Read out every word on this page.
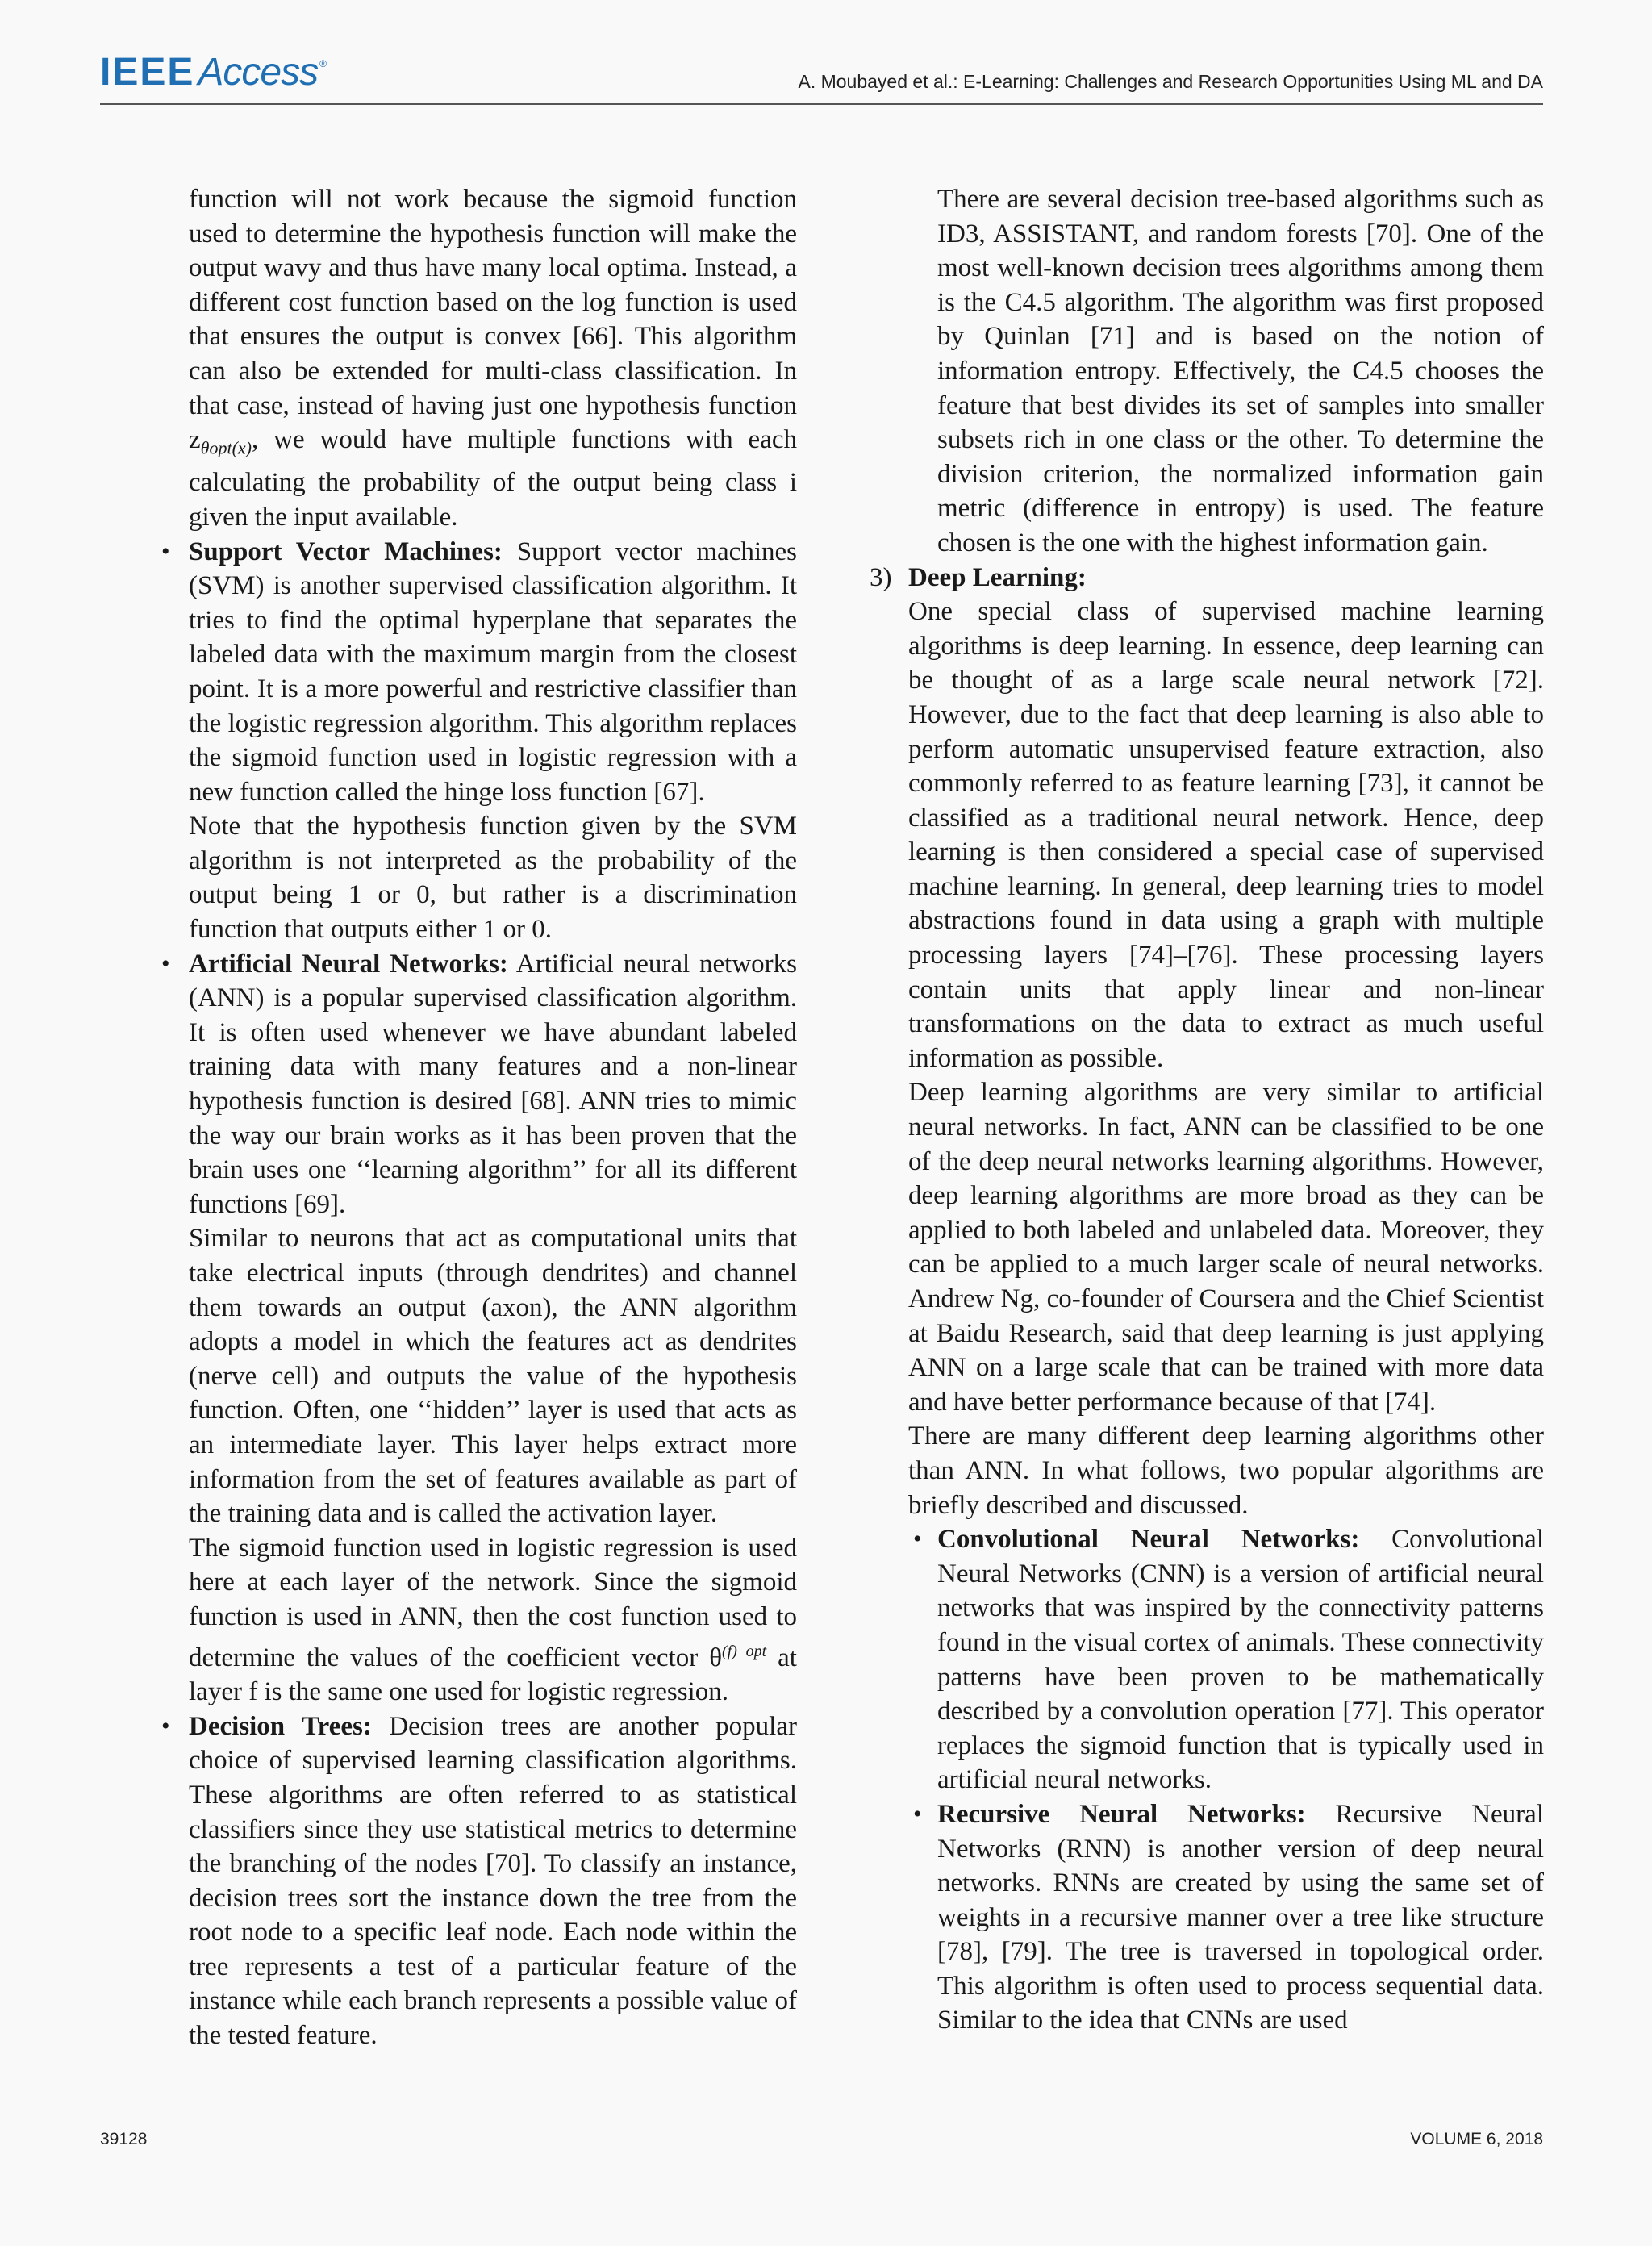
IEEE Access ®
A. Moubayed et al.: E-Learning: Challenges and Research Opportunities Using ML and DA

function will not work because the sigmoid function used to determine the hypothesis function will make the output wavy and thus have many local optima. Instead, a different cost function based on the log function is used that ensures the output is convex [66]. This algorithm can also be extended for multi-class classification. In that case, instead of having just one hypothesis function $z_{\theta opt(x)}$, we would have multiple functions with each calculating the probability of the output being class i given the input available.

• Support Vector Machines: Support vector machines (SVM) is another supervised classification algorithm. It tries to find the optimal hyperplane that separates the labeled data with the maximum margin from the closest point. It is a more powerful and restrictive classifier than the logistic regression algorithm. This algorithm replaces the sigmoid function used in logistic regression with a new function called the hinge loss function [67].

Note that the hypothesis function given by the SVM algorithm is not interpreted as the probability of the output being 1 or 0, but rather is a discrimination function that outputs either 1 or 0.

• Artificial Neural Networks: Artificial neural networks (ANN) is a popular supervised classification algorithm. It is often used whenever we have abundant labeled training data with many features and a non-linear hypothesis function is desired [68]. ANN tries to mimic the way our brain works as it has been proven that the brain uses one ‘‘learning algorithm’’ for all its different functions [69].

Similar to neurons that act as computational units that take electrical inputs (through dendrites) and channel them towards an output (axon), the ANN algorithm adopts a model in which the features act as dendrites (nerve cell) and outputs the value of the hypothesis function. Often, one ‘‘hidden’’ layer is used that acts as an intermediate layer. This layer helps extract more information from the set of features available as part of the training data and is called the activation layer.

The sigmoid function used in logistic regression is used here at each layer of the network. Since the sigmoid function is used in ANN, then the cost function used to determine the values of the coefficient vector $\theta^{(f) opt}$ at layer f is the same one used for logistic regression.

• Decision Trees: Decision trees are another popular choice of supervised learning classification algorithms. These algorithms are often referred to as statistical classifiers since they use statistical metrics to determine the branching of the nodes [70]. To classify an instance, decision trees sort the instance down the tree from the root node to a specific leaf node. Each node within the tree represents a test of a particular feature of the instance while each branch represents a possible value of the tested feature.

There are several decision tree-based algorithms such as ID3, ASSISTANT, and random forests [70]. One of the most well-known decision trees algorithms among them is the C4.5 algorithm. The algorithm was first proposed by Quinlan [71] and is based on the notion of information entropy. Effectively, the C4.5 chooses the feature that best divides its set of samples into smaller subsets rich in one class or the other. To determine the division criterion, the normalized information gain metric (difference in entropy) is used. The feature chosen is the one with the highest information gain.

3) Deep Learning:

One special class of supervised machine learning algorithms is deep learning. In essence, deep learning can be thought of as a large scale neural network [72]. However, due to the fact that deep learning is also able to perform automatic unsupervised feature extraction, also commonly referred to as feature learning [73], it cannot be classified as a traditional neural network. Hence, deep learning is then considered a special case of supervised machine learning. In general, deep learning tries to model abstractions found in data using a graph with multiple processing layers [74]–[76]. These processing layers contain units that apply linear and non-linear transformations on the data to extract as much useful information as possible.

Deep learning algorithms are very similar to artificial neural networks. In fact, ANN can be classified to be one of the deep neural networks learning algorithms. However, deep learning algorithms are more broad as they can be applied to both labeled and unlabeled data. Moreover, they can be applied to a much larger scale of neural networks. Andrew Ng, co-founder of Coursera and the Chief Scientist at Baidu Research, said that deep learning is just applying ANN on a large scale that can be trained with more data and have better performance because of that [74].

There are many different deep learning algorithms other than ANN. In what follows, two popular algorithms are briefly described and discussed.

• Convolutional Neural Networks: Convolutional Neural Networks (CNN) is a version of artificial neural networks that was inspired by the connectivity patterns found in the visual cortex of animals. These connectivity patterns have been proven to be mathematically described by a convolution operation [77]. This operator replaces the sigmoid function that is typically used in artificial neural networks.

• Recursive Neural Networks: Recursive Neural Networks (RNN) is another version of deep neural networks. RNNs are created by using the same set of weights in a recursive manner over a tree like structure [78], [79]. The tree is traversed in topological order. This algorithm is often used to process sequential data. Similar to the idea that CNNs are used

39128	VOLUME 6, 2018
